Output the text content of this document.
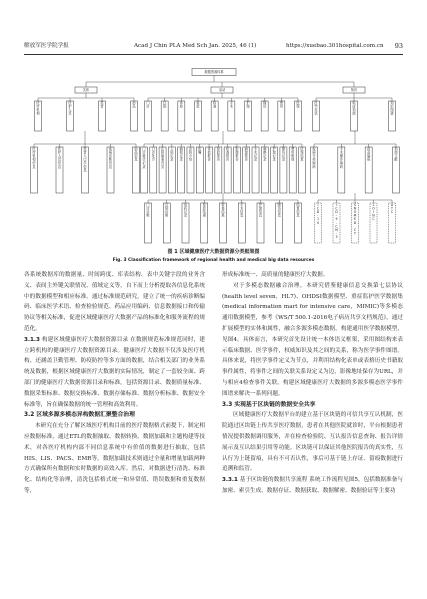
解放军医学院学报	Acad J Chin PLA Med Sch Jan. 2025, 46 (1)	https://xuebao.301hospital.com.cn 93
数据资源体系
实体	活动	知识
医
疗
机
构
医
护
人
员
患
者
药
品
医
疗
机
构
信
息
医
护
人
员
信
息
患
者
人
口
学
信
息
疾
病
诊
断
信
息
药
品
信
息
门
诊
住
院
体
检
检
验
检
查
手
术
护
理
随
访
费
用
医
保
门
诊
就
诊
记
录
门
诊
处
方
住
院
病
案
首
页
入
院
记
录
病
程
记
录
出
院
小
结
医
嘱
体
检
报
告
检
验
报
告
检
查
报
告
影
像
报
告
病
理
报
告
手
术
记
录
麻
醉
记
录
护
理
记
录
随
访
记
录
费
用
明
细
医
保
结
算
门
诊
诊
断
住
院
诊
断
用
药
记
录
检
验
结
果
检
查
结
果
手
术
信
息
护
理
信
息
随
访
信
息
结
算
信
息
医
学
术
语
临
床
指
南
知
识
图
谱
疾
病
分
类
编
码
手
术
操
作
编
码
药
品
编
码
指
南
文
献
I
C
D
-
1
0
I
C
D
-
9
-
C
M
-
3
S
N
O
M
E
D
C
T
L
O
I
N
C
A
T
C
图 1 区域健康医疗大数据资源分类框架图
Fig. 3 Classification framework of regional health and medical big data resources

各系统数据库的数据量、时间跨度、库表结构、表中关键字段的业务含义、表间主外键关联情况、值域定义等，自下而上分析提取各信息化系统中的数据模型和相应标准。通过标准规范研究，建立了统一的疾病诊断编码、临床医学术语、检查检验规范、药品应用编码、信息数据接口和传输协议等相关标准，促进区域健康医疗大数据产品的标准化和服务流程的规范化。

3.1.3 构建区域健康医疗大数据资源目录 在数据规范标准规范同时，建立跨机构的健康医疗大数据资源目录。健康医疗大数据不仅涉及医疗机构、还涵盖卫勤管理、防疫防控等多方面的数据，结合相关部门的业务系统及数据，根据区域健康医疗大数据的实际情况，制定了一套较全面、跨部门的健康医疗大数据资源目录和标准，包括资源目录、数据质量标准、数据采集标准、数据交换标准、数据存储标准、数据分析标准、数据安全标准等，旨在确保数据的统一管理和高效利用。

3.2 区域多源多模态异构数据汇聚整合治理

本研究在充分了解区域医疗机构目前的医疗数据格式前提下，制定相应数据标准，通过ETL的数据抽取、数据转换、数据加载和主题构建等技术，对各医疗机构内部不同信息系统中有价值的数据进行抽取，包括HIS、LIS、PACS、EMR等。数据加载技术则通过全量和增量加载两种方式确保所有数据和实时数据的高效入库。然后，对数据进行清洗、标准化、结构化等治理，清洗包括格式统一和异常值、错误数据和重复数据等，

形成标准统一、高质量的健康医疗大数据。

对于多模态数据融合治理，本研究借鉴健康信息交换第七层协议(health level seven，HL7)、OHDSI数据模型、重症监护医学数据集(medical information mart for intensive care，MIMIC)等多模态通用数据模型，参考《WS/T 500.1-2016电子病历共享文档规范》，通过扩展模型的实体和属性，融合多源多模态数据，构建通用医学数据模型，见图4。具体而言，本研究首先设计统一本体语义框架，采用图结构来表示临床数据、医学事件，权威知识及其之间的关系，称为医学事件图谱。具体来说，将医学事件定义为节点，并利用结构化表单或表格历史书籍取事件属性，将事件之间的关联关系设定义为边，影像地址保存为URL，并与相应4检查事件关联。构建区域健康医疗大数据的多源多模态医学事件图谱来解决一系列问题。

3.3 实现基于区块链的数据安全共享

区域健康医疗大数据平台的建立基于区块链的可信共享互认机制，医院通过区块链上传共享医疗数据，患者在其他医院就诊时，平台根据患者情况提供数据调用服务，并在检查检验院、互认报告信息查询、报告详情展示及互认结果引用等功能。区块链可以保证其他医院报告的真实性，互认行为上链留痕，具有不可否认性，事后可基于链上存证、留痕数据进行追溯和监管。

3.3.1 基于区块链的数据共享流程 系统工作流程见图5，包括数据准备与加密、索引生成、数据存证、数据获取、数据解密、数据验证等主要功
